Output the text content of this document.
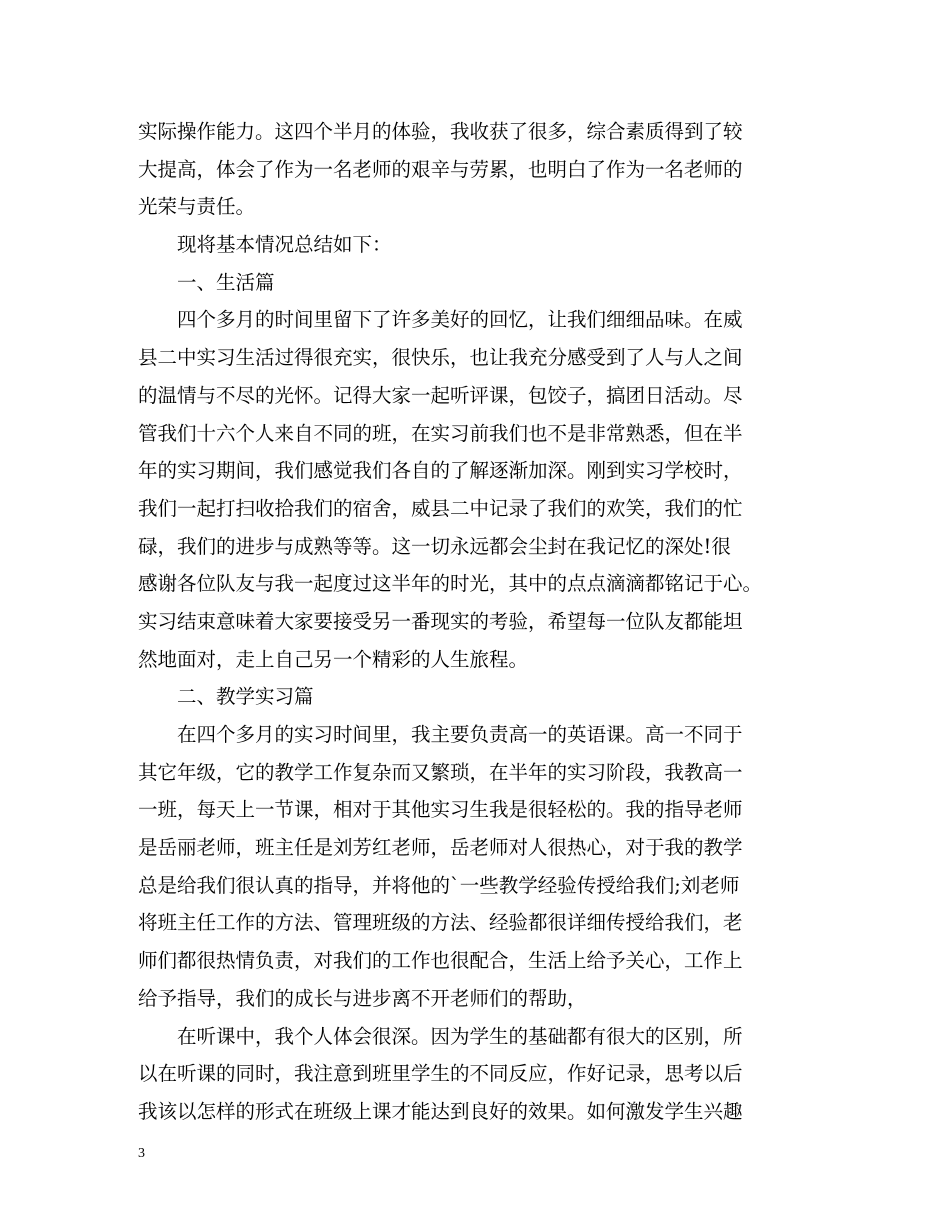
实际操作能力。这四个半月的体验，我收获了很多，综合素质得到了较
大提高，体会了作为一名老师的艰辛与劳累，也明白了作为一名老师的
光荣与责任。
现将基本情况总结如下：
一、生活篇
四个多月的时间里留下了许多美好的回忆，让我们细细品味。在威
县二中实习生活过得很充实，很快乐，也让我充分感受到了人与人之间
的温情与不尽的光怀。记得大家一起听评课，包饺子，搞团日活动。尽
管我们十六个人来自不同的班，在实习前我们也不是非常熟悉，但在半
年的实习期间，我们感觉我们各自的了解逐渐加深。刚到实习学校时，
我们一起打扫收拾我们的宿舍，威县二中记录了我们的欢笑，我们的忙
碌，我们的进步与成熟等等。这一切永远都会尘封在我记忆的深处!很
感谢各位队友与我一起度过这半年的时光，其中的点点滴滴都铭记于心。
实习结束意味着大家要接受另一番现实的考验，希望每一位队友都能坦
然地面对，走上自己另一个精彩的人生旅程。
二、教学实习篇
在四个多月的实习时间里，我主要负责高一的英语课。高一不同于
其它年级，它的教学工作复杂而又繁琐，在半年的实习阶段，我教高一
一班，每天上一节课，相对于其他实习生我是很轻松的。我的指导老师
是岳丽老师，班主任是刘芳红老师，岳老师对人很热心，对于我的教学
总是给我们很认真的指导，并将他的`一些教学经验传授给我们;刘老师
将班主任工作的方法、管理班级的方法、经验都很详细传授给我们，老
师们都很热情负责，对我们的工作也很配合，生活上给予关心，工作上
给予指导，我们的成长与进步离不开老师们的帮助，
在听课中，我个人体会很深。因为学生的基础都有很大的区别，所
以在听课的同时，我注意到班里学生的不同反应，作好记录，思考以后
我该以怎样的形式在班级上课才能达到良好的效果。如何激发学生兴趣

3
